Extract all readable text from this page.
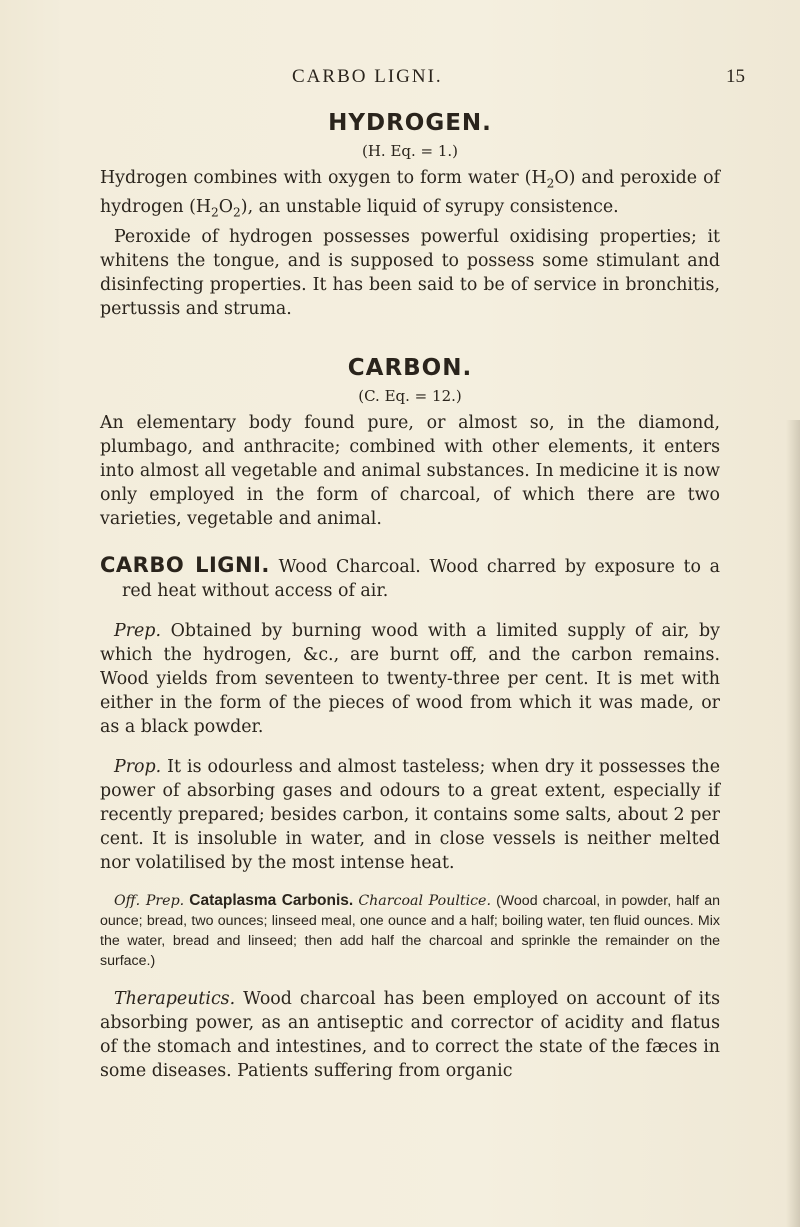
CARBO LIGNI.	15
HYDROGEN.
(H. Eq. = 1.)

Hydrogen combines with oxygen to form water $(H_2O)$ and peroxide of hydrogen $(H_2O_2)$, an unstable liquid of syrupy consistence.

Peroxide of hydrogen possesses powerful oxidising properties; it whitens the tongue, and is supposed to possess some stimulant and disinfecting properties. It has been said to be of service in bronchitis, pertussis and struma.

CARBON.
(C. Eq. = 12.)

An elementary body found pure, or almost so, in the diamond, plumbago, and anthracite; combined with other elements, it enters into almost all vegetable and animal substances. In medicine it is now only employed in the form of charcoal, of which there are two varieties, vegetable and animal.

CARBO LIGNI. Wood Charcoal. Wood charred by exposure to a red heat without access of air.

Prep. Obtained by burning wood with a limited supply of air, by which the hydrogen, &c., are burnt off, and the carbon remains. Wood yields from seventeen to twenty-three per cent. It is met with either in the form of the pieces of wood from which it was made, or as a black powder.

Prop. It is odourless and almost tasteless; when dry it possesses the power of absorbing gases and odours to a great extent, especially if recently prepared; besides carbon, it contains some salts, about 2 per cent. It is insoluble in water, and in close vessels is neither melted nor volatilised by the most intense heat.

Off. Prep. Cataplasma Carbonis. Charcoal Poultice. (Wood charcoal, in powder, half an ounce; bread, two ounces; linseed meal, one ounce and a half; boiling water, ten fluid ounces. Mix the water, bread and linseed; then add half the charcoal and sprinkle the remainder on the surface.)

Therapeutics. Wood charcoal has been employed on account of its absorbing power, as an antiseptic and corrector of acidity and flatus of the stomach and intestines, and to correct the state of the fæces in some diseases. Patients suffering from organic
